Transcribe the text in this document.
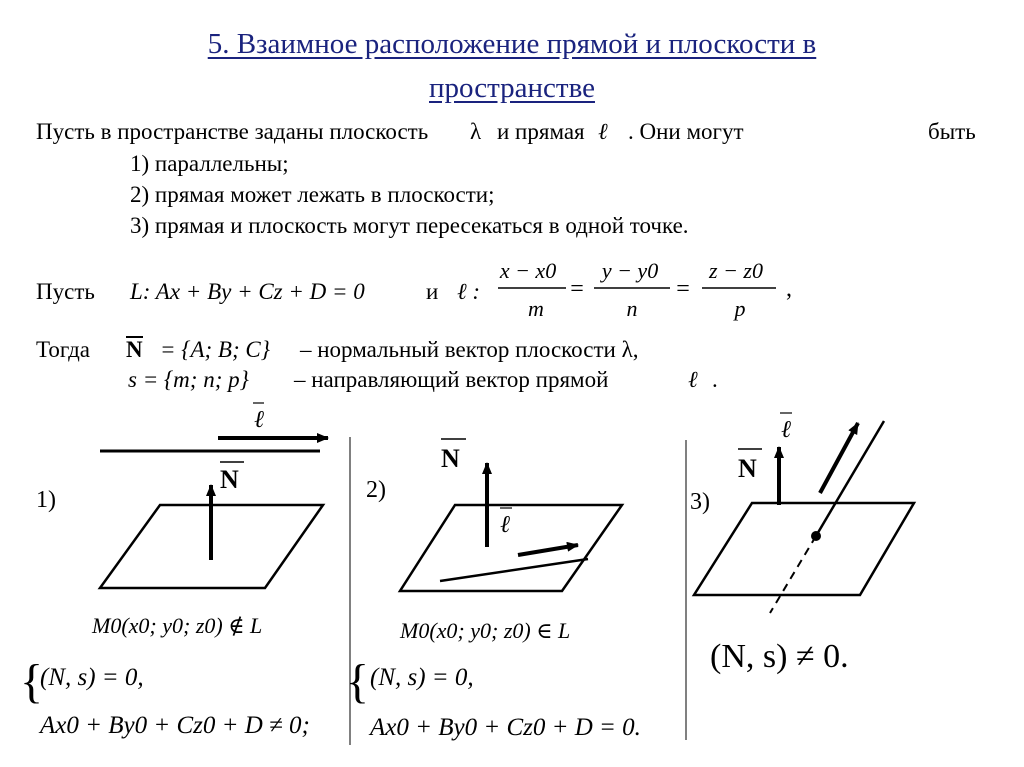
5. Взаимное расположение прямой и плоскости в
пространстве
Пусть в пространстве заданы плоскость λ и прямая ℓ . Они могут	быть
1) параллельны;
2) прямая может лежать в плоскости;
3) прямая и плоскость могут пересекаться в одной точке.
Пусть L: Ax + By + Cz + D = 0	и ℓ :
x − x0
m
=
y − y0
n
=
z − z0
p
,
Тогда N = {A; B; C} – нормальный вектор плоскости λ,
s = {m; n; p} – направляющий вектор прямой	ℓ .
1)
ℓ
N
M0(x0; y0; z0) ∉ L
{
(N, s) = 0,
Ax0 + By0 + Cz0 + D ≠ 0;
2)
N
ℓ
M0(x0; y0; z0) ∈ L
{ (N, s) = 0,
Ax0 + By0 + Cz0 + D = 0.
3)
N
ℓ
(N, s) ≠ 0.
